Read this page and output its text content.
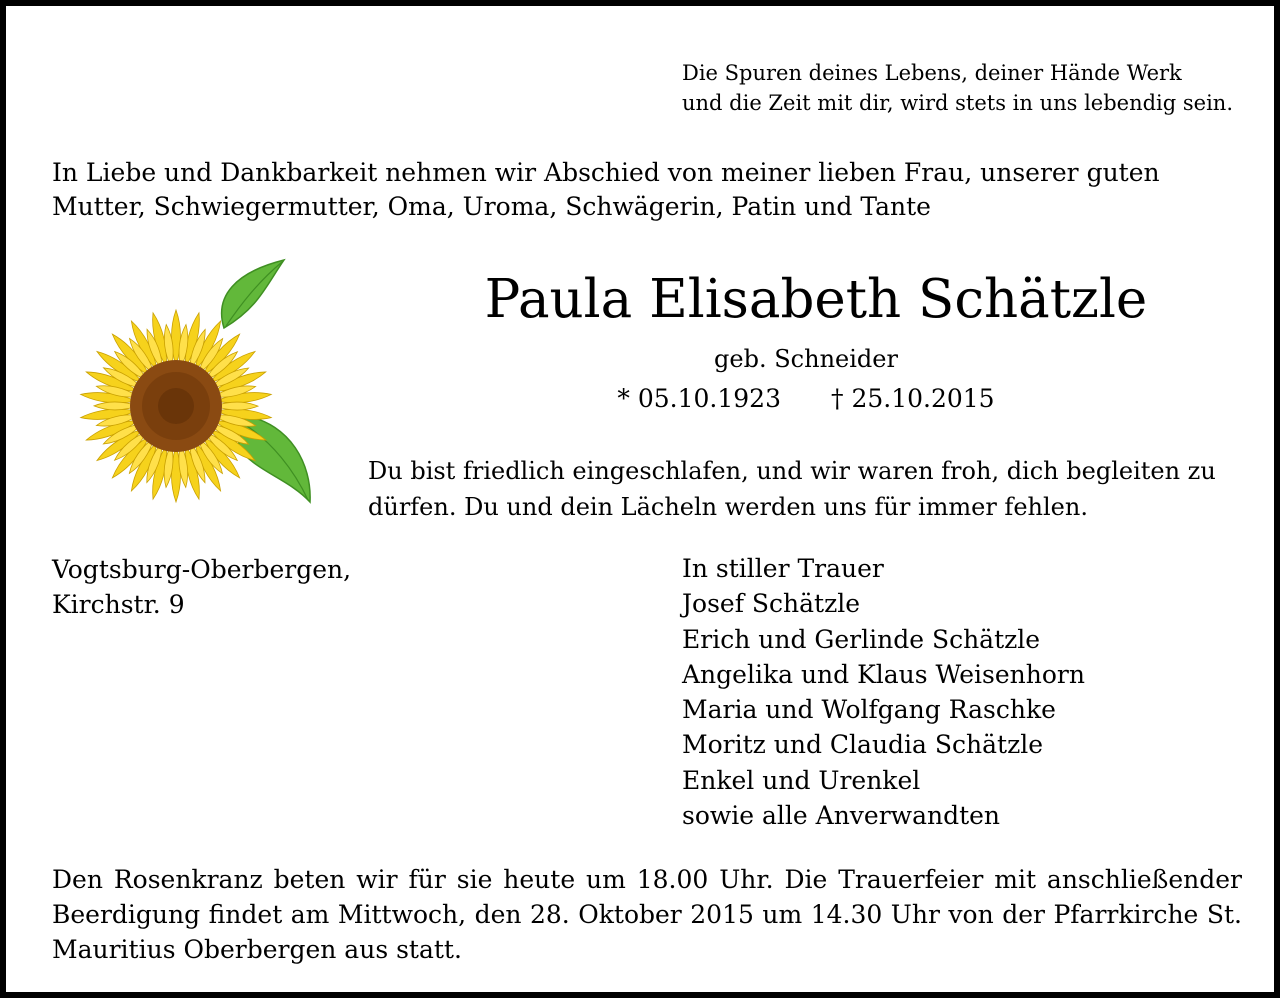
Die Spuren deines Lebens, deiner Hände Werk
und die Zeit mit dir, wird stets in uns lebendig sein.

In Liebe und Dankbarkeit nehmen wir Abschied von meiner lieben Frau, unserer guten Mutter, Schwiegermutter, Oma, Uroma, Schwägerin, Patin und Tante

Paula Elisabeth Schätzle

geb. Schneider

* 05.10.1923 † 25.10.2015

Du bist friedlich eingeschlafen, und wir waren froh, dich begleiten zu dürfen. Du und dein Lächeln werden uns für immer fehlen.

Vogtsburg-Oberbergen,
Kirchstr. 9

In stiller Trauer
Josef Schätzle
Erich und Gerlinde Schätzle
Angelika und Klaus Weisenhorn
Maria und Wolfgang Raschke
Moritz und Claudia Schätzle
Enkel und Urenkel
sowie alle Anverwandten

Den Rosenkranz beten wir für sie heute um 18.00 Uhr. Die Trauerfeier mit anschließender Beerdigung findet am Mittwoch, den 28. Oktober 2015 um 14.30 Uhr von der Pfarrkirche St. Mauritius Oberbergen aus statt.
